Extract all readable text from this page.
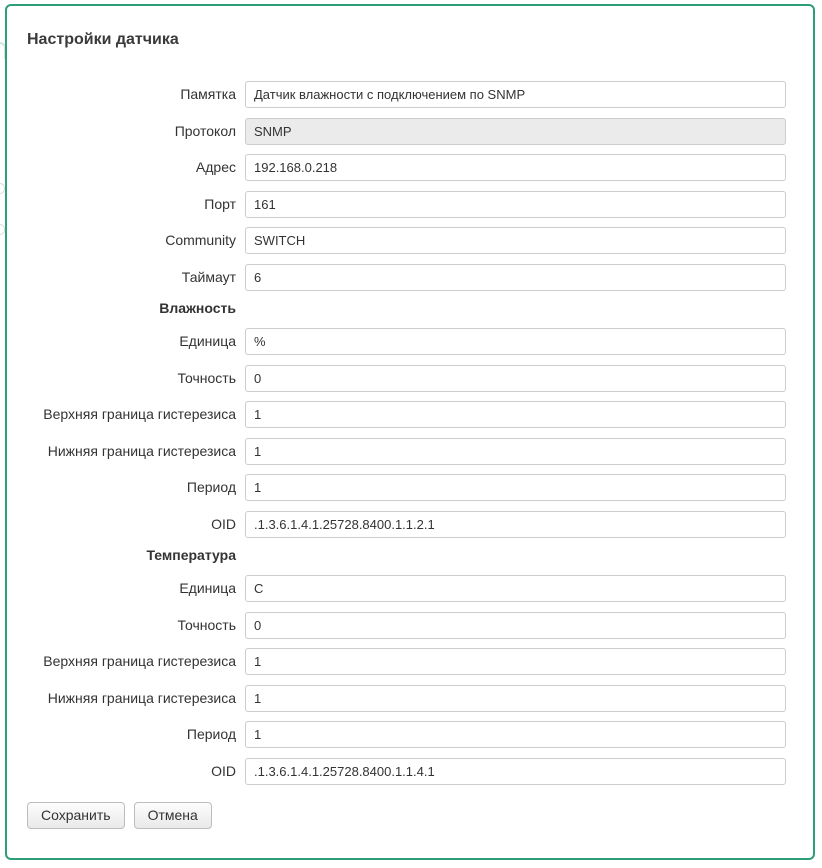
Настройки датчика
Памятка
Датчик влажности с подключением по SNMP
Протокол
SNMP
Адрес
192.168.0.218
Порт
161
Community
SWITCH
Таймаут
6
Влажность
Единица
%
Точность
0
Верхняя граница гистерезиса
1
Нижняя граница гистерезиса
1
Период
1
OID
.1.3.6.1.4.1.25728.8400.1.1.2.1
Температура
Единица
C
Точность
0
Верхняя граница гистерезиса
1
Нижняя граница гистерезиса
1
Период
1
OID
.1.3.6.1.4.1.25728.8400.1.1.4.1
Сохранить	Отмена
